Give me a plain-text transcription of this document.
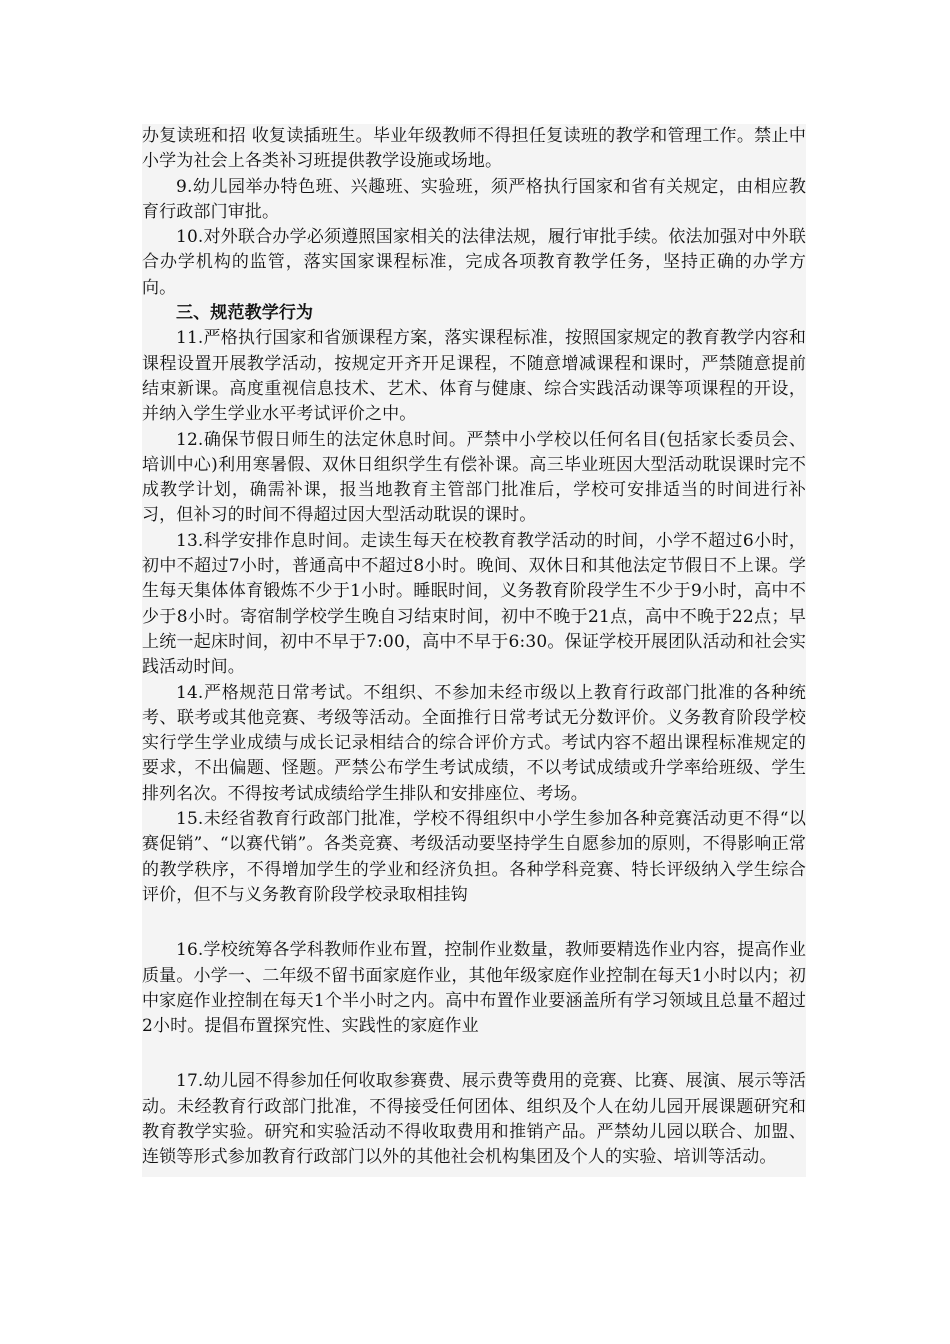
办复读班和招 收复读插班生。毕业年级教师不得担任复读班的教学和管理工作。禁止中小学为社会上各类补习班提供教学设施或场地。

9.幼儿园举办特色班、兴趣班、实验班，须严格执行国家和省有关规定，由相应教育行政部门审批。

10.对外联合办学必须遵照国家相关的法律法规，履行审批手续。依法加强对中外联合办学机构的监管，落实国家课程标准，完成各项教育教学任务，坚持正确的办学方向。

三、规范教学行为

11.严格执行国家和省颁课程方案，落实课程标准，按照国家规定的教育教学内容和课程设置开展教学活动，按规定开齐开足课程，不随意增减课程和课时，严禁随意提前结束新课。高度重视信息技术、艺术、体育与健康、综合实践活动课等项课程的开设，并纳入学生学业水平考试评价之中。

12.确保节假日师生的法定休息时间。严禁中小学校以任何名目(包括家长委员会、培训中心)利用寒暑假、双休日组织学生有偿补课。高三毕业班因大型活动耽误课时完不成教学计划，确需补课，报当地教育主管部门批准后，学校可安排适当的时间进行补习，但补习的时间不得超过因大型活动耽误的课时。

13.科学安排作息时间。走读生每天在校教育教学活动的时间，小学不超过6小时，初中不超过7小时，普通高中不超过8小时。晚间、双休日和其他法定节假日不上课。学生每天集体体育锻炼不少于1小时。睡眠时间，义务教育阶段学生不少于9小时，高中不少于8小时。寄宿制学校学生晚自习结束时间，初中不晚于21点，高中不晚于22点；早上统一起床时间，初中不早于7:00，高中不早于6:30。保证学校开展团队活动和社会实践活动时间。

14.严格规范日常考试。不组织、不参加未经市级以上教育行政部门批准的各种统考、联考或其他竞赛、考级等活动。全面推行日常考试无分数评价。义务教育阶段学校实行学生学业成绩与成长记录相结合的综合评价方式。考试内容不超出课程标准规定的要求，不出偏题、怪题。严禁公布学生考试成绩，不以考试成绩或升学率给班级、学生排列名次。不得按考试成绩给学生排队和安排座位、考场。

15.未经省教育行政部门批准，学校不得组织中小学生参加各种竞赛活动更不得“以赛促销”、“以赛代销”。各类竞赛、考级活动要坚持学生自愿参加的原则，不得影响正常的教学秩序，不得增加学生的学业和经济负担。各种学科竞赛、特长评级纳入学生综合评价，但不与义务教育阶段学校录取相挂钩

16.学校统筹各学科教师作业布置，控制作业数量，教师要精选作业内容，提高作业质量。小学一、二年级不留书面家庭作业，其他年级家庭作业控制在每天1小时以内；初中家庭作业控制在每天1个半小时之内。高中布置作业要涵盖所有学习领域且总量不超过2小时。提倡布置探究性、实践性的家庭作业

17.幼儿园不得参加任何收取参赛费、展示费等费用的竞赛、比赛、展演、展示等活动。未经教育行政部门批准，不得接受任何团体、组织及个人在幼儿园开展课题研究和教育教学实验。研究和实验活动不得收取费用和推销产品。严禁幼儿园以联合、加盟、连锁等形式参加教育行政部门以外的其他社会机构集团及个人的实验、培训等活动。
